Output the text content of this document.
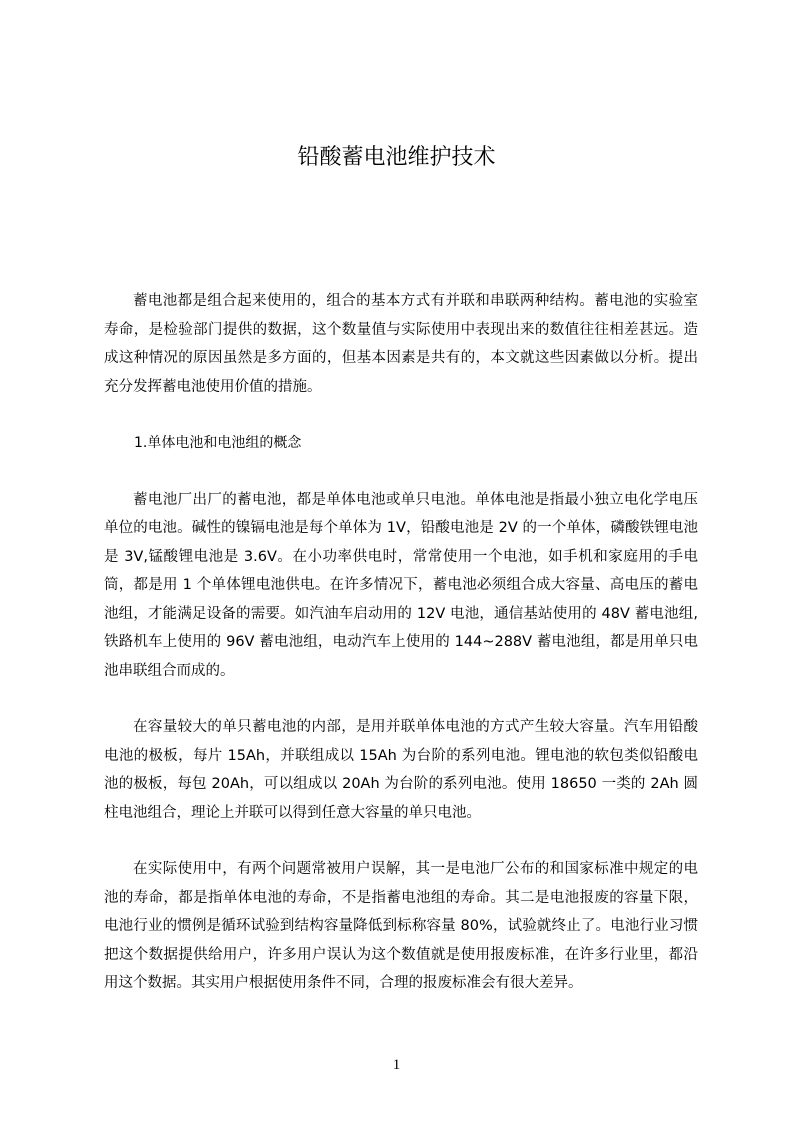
铅酸蓄电池维护技术

蓄电池都是组合起来使用的，组合的基本方式有并联和串联两种结构。蓄电池的实验室寿命，是检验部门提供的数据，这个数量值与实际使用中表现出来的数值往往相差甚远。造成这种情况的原因虽然是多方面的，但基本因素是共有的，本文就这些因素做以分析。提出充分发挥蓄电池使用价值的措施。

1.单体电池和电池组的概念

蓄电池厂出厂的蓄电池，都是单体电池或单只电池。单体电池是指最小独立电化学电压单位的电池。碱性的镍镉电池是每个单体为 1V，铅酸电池是 2V 的一个单体，磷酸铁锂电池是 3V,锰酸锂电池是 3.6V。在小功率供电时，常常使用一个电池，如手机和家庭用的手电筒，都是用 1 个单体锂电池供电。在许多情况下，蓄电池必须组合成大容量、高电压的蓄电池组，才能满足设备的需要。如汽油车启动用的 12V 电池，通信基站使用的 48V 蓄电池组,铁路机车上使用的 96V 蓄电池组，电动汽车上使用的 144~288V 蓄电池组，都是用单只电池串联组合而成的。

在容量较大的单只蓄电池的内部，是用并联单体电池的方式产生较大容量。汽车用铅酸电池的极板，每片 15Ah，并联组成以 15Ah 为台阶的系列电池。锂电池的软包类似铅酸电池的极板，每包 20Ah，可以组成以 20Ah 为台阶的系列电池。使用 18650 一类的 2Ah 圆柱电池组合，理论上并联可以得到任意大容量的单只电池。

在实际使用中，有两个问题常被用户误解，其一是电池厂公布的和国家标准中规定的电池的寿命，都是指单体电池的寿命，不是指蓄电池组的寿命。其二是电池报废的容量下限，电池行业的惯例是循环试验到结构容量降低到标称容量 80%，试验就终止了。电池行业习惯把这个数据提供给用户，许多用户误认为这个数值就是使用报废标准，在许多行业里，都沿用这个数据。其实用户根据使用条件不同，合理的报废标准会有很大差异。

1
